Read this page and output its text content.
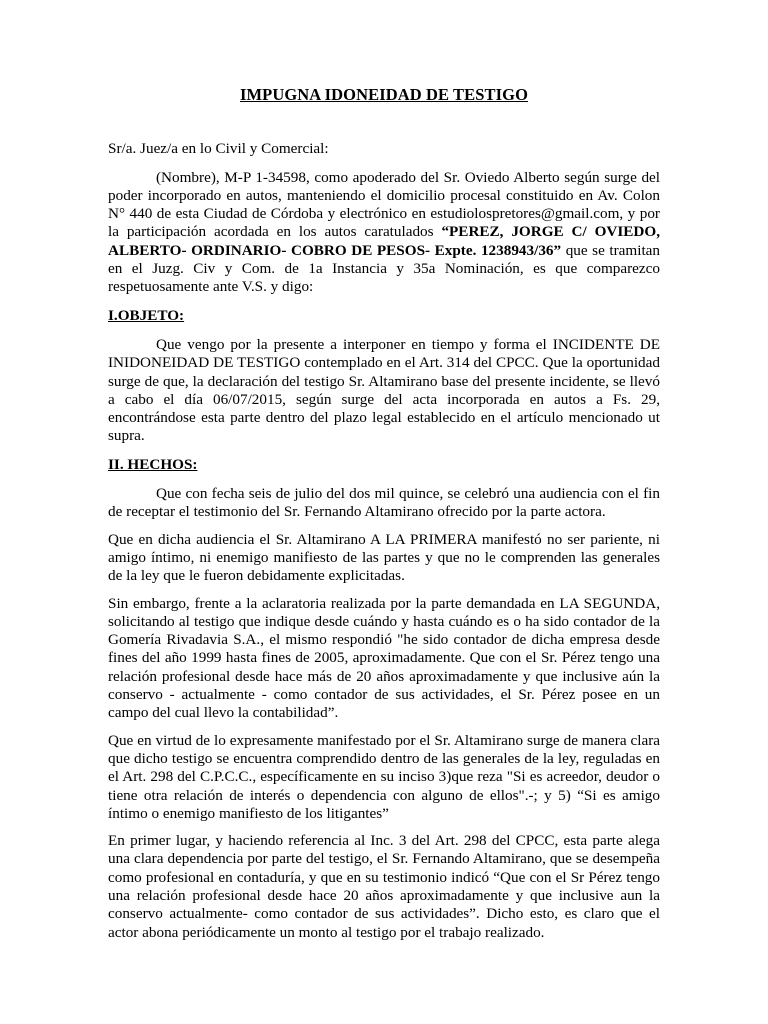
IMPUGNA IDONEIDAD DE TESTIGO

Sr/a. Juez/a en lo Civil y Comercial:

(Nombre), M-P 1-34598, como apoderado del Sr. Oviedo Alberto según surge del poder incorporado en autos, manteniendo el domicilio procesal constituido en Av. Colon N° 440 de esta Ciudad de Córdoba y electrónico en estudiolospretores@gmail.com, y por la participación acordada en los autos caratulados “PEREZ, JORGE C/ OVIEDO, ALBERTO- ORDINARIO- COBRO DE PESOS- Expte. 1238943/36” que se tramitan en el Juzg. Civ y Com. de 1a Instancia y 35a Nominación, es que comparezco respetuosamente ante V.S. y digo:

I.OBJETO:

Que vengo por la presente a interponer en tiempo y forma el INCIDENTE DE INIDONEIDAD DE TESTIGO contemplado en el Art. 314 del CPCC. Que la oportunidad surge de que, la declaración del testigo Sr. Altamirano base del presente incidente, se llevó a cabo el día 06/07/2015, según surge del acta incorporada en autos a Fs. 29, encontrándose esta parte dentro del plazo legal establecido en el artículo mencionado ut supra.

II. HECHOS:

Que con fecha seis de julio del dos mil quince, se celebró una audiencia con el fin de receptar el testimonio del Sr. Fernando Altamirano ofrecido por la parte actora.

Que en dicha audiencia el Sr. Altamirano A LA PRIMERA manifestó no ser pariente, ni amigo íntimo, ni enemigo manifiesto de las partes y que no le comprenden las generales de la ley que le fueron debidamente explicitadas.

Sin embargo, frente a la aclaratoria realizada por la parte demandada en LA SEGUNDA, solicitando al testigo que indique desde cuándo y hasta cuándo es o ha sido contador de la Gomería Rivadavia S.A., el mismo respondió "he sido contador de dicha empresa desde fines del año 1999 hasta fines de 2005, aproximadamente. Que con el Sr. Pérez tengo una relación profesional desde hace más de 20 años aproximadamente y que inclusive aún la conservo - actualmente - como contador de sus actividades, el Sr. Pérez posee en un campo del cual llevo la contabilidad”.

Que en virtud de lo expresamente manifestado por el Sr. Altamirano surge de manera clara que dicho testigo se encuentra comprendido dentro de las generales de la ley, reguladas en el Art. 298 del C.P.C.C., específicamente en su inciso 3)que reza "Si es acreedor, deudor o tiene otra relación de interés o dependencia con alguno de ellos".-; y 5) “Si es amigo íntimo o enemigo manifiesto de los litigantes”

En primer lugar, y haciendo referencia al Inc. 3 del Art. 298 del CPCC, esta parte alega una clara dependencia por parte del testigo, el Sr. Fernando Altamirano, que se desempeña como profesional en contaduría, y que en su testimonio indicó “Que con el Sr Pérez tengo una relación profesional desde hace 20 años aproximadamente y que inclusive aun la conservo actualmente- como contador de sus actividades”. Dicho esto, es claro que el actor abona periódicamente un monto al testigo por el trabajo realizado.
